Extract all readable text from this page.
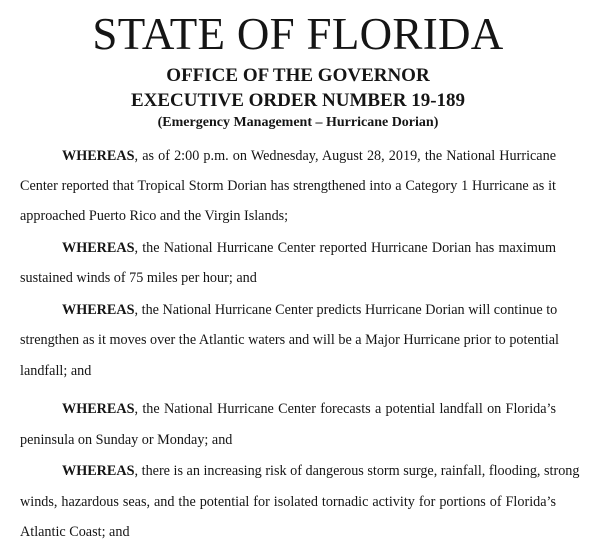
STATE OF FLORIDA
OFFICE OF THE GOVERNOR
EXECUTIVE ORDER NUMBER 19-189
(Emergency Management – Hurricane Dorian)
WHEREAS, as of 2:00 p.m. on Wednesday, August 28, 2019, the National Hurricane
Center reported that Tropical Storm Dorian has strengthened into a Category 1 Hurricane as it
approached Puerto Rico and the Virgin Islands;
WHEREAS, the National Hurricane Center reported Hurricane Dorian has maximum
sustained winds of 75 miles per hour; and
WHEREAS, the National Hurricane Center predicts Hurricane Dorian will continue to
strengthen as it moves over the Atlantic waters and will be a Major Hurricane prior to potential
landfall; and
WHEREAS, the National Hurricane Center forecasts a potential landfall on Florida’s
peninsula on Sunday or Monday; and
WHEREAS, there is an increasing risk of dangerous storm surge, rainfall, flooding, strong
winds, hazardous seas, and the potential for isolated tornadic activity for portions of Florida’s
Atlantic Coast; and
